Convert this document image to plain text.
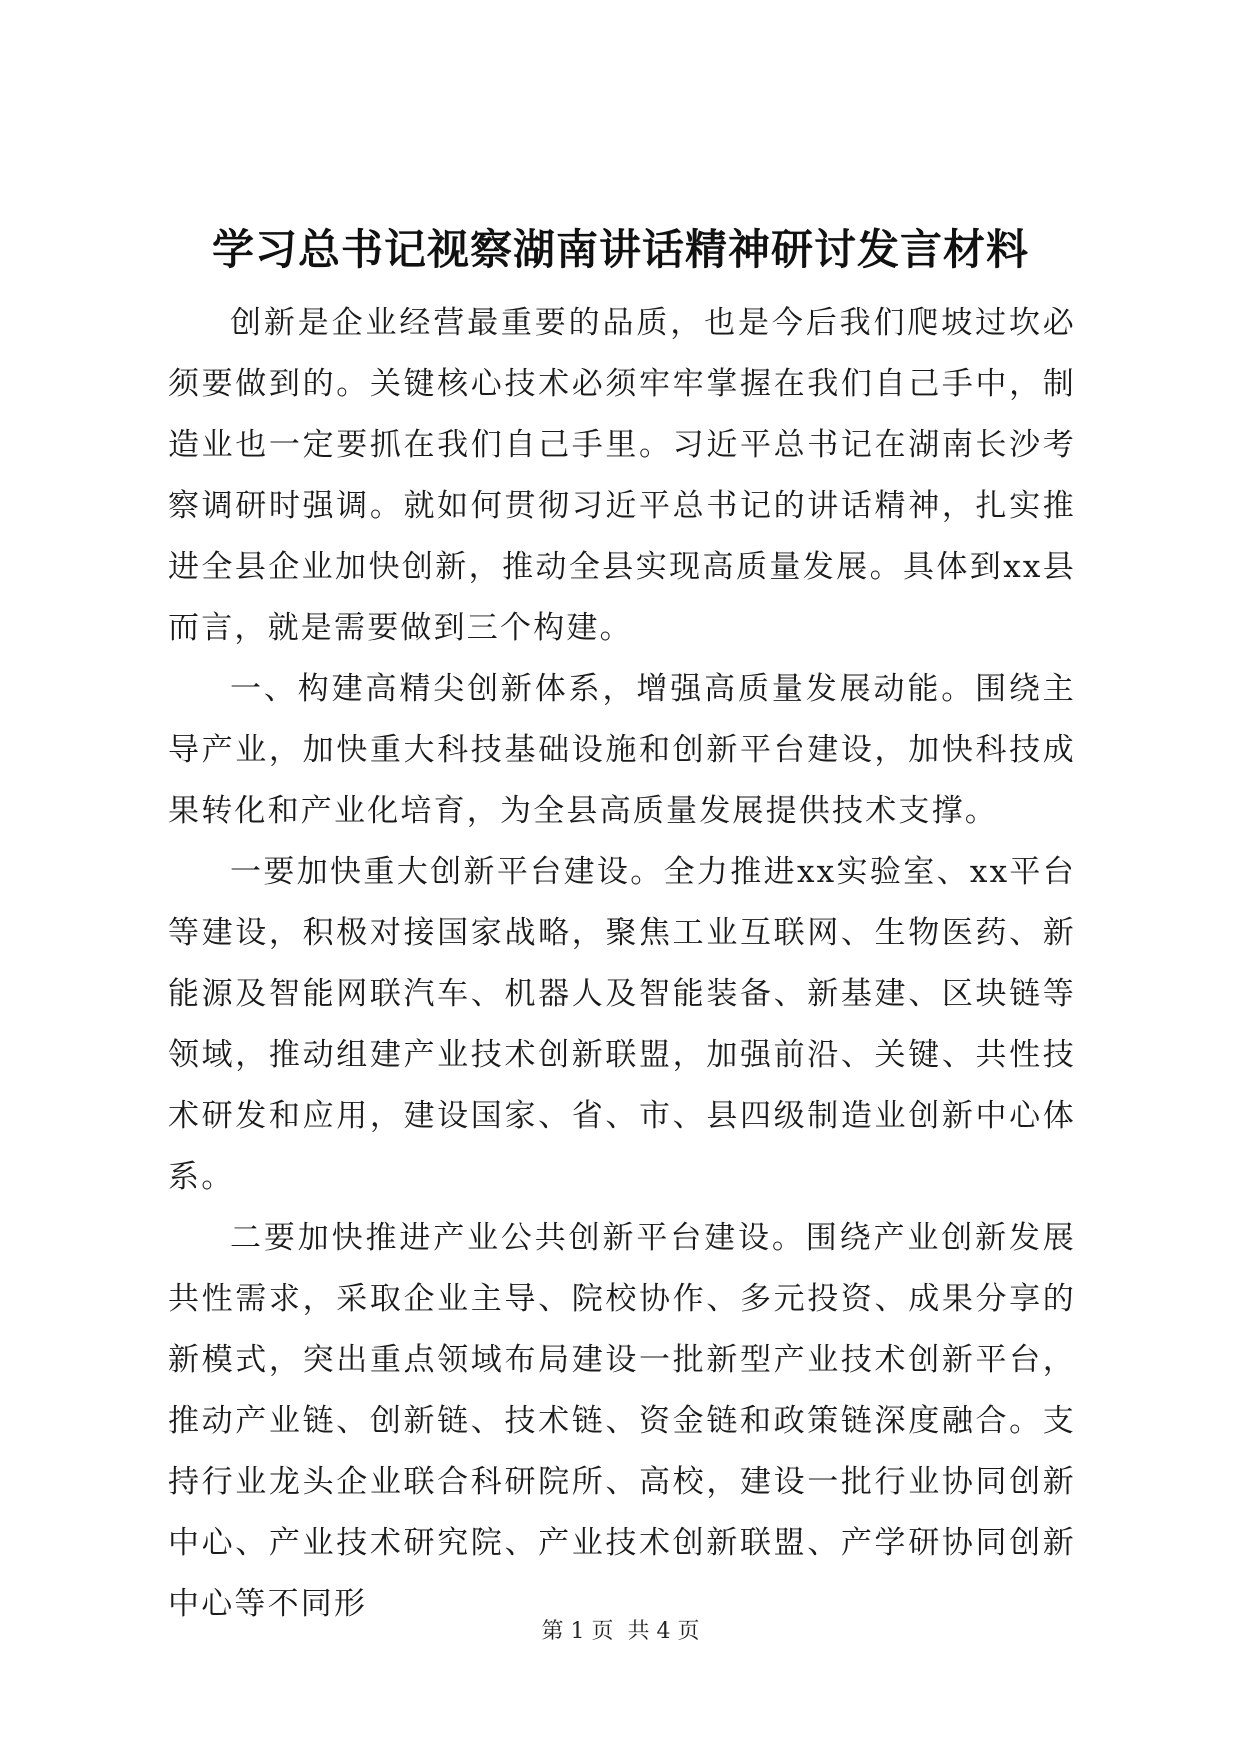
学习总书记视察湖南讲话精神研讨发言材料

创新是企业经营最重要的品质，也是今后我们爬坡过坎必须要做到的。关键核心技术必须牢牢掌握在我们自己手中，制造业也一定要抓在我们自己手里。习近平总书记在湖南长沙考察调研时强调。就如何贯彻习近平总书记的讲话精神，扎实推进全县企业加快创新，推动全县实现高质量发展。具体到xx县而言，就是需要做到三个构建。

一、构建高精尖创新体系，增强高质量发展动能。围绕主导产业，加快重大科技基础设施和创新平台建设，加快科技成果转化和产业化培育，为全县高质量发展提供技术支撑。

一要加快重大创新平台建设。全力推进xx实验室、xx平台等建设，积极对接国家战略，聚焦工业互联网、生物医药、新能源及智能网联汽车、机器人及智能装备、新基建、区块链等领域，推动组建产业技术创新联盟，加强前沿、关键、共性技术研发和应用，建设国家、省、市、县四级制造业创新中心体系。

二要加快推进产业公共创新平台建设。围绕产业创新发展共性需求，采取企业主导、院校协作、多元投资、成果分享的新模式，突出重点领域布局建设一批新型产业技术创新平台，推动产业链、创新链、技术链、资金链和政策链深度融合。支持行业龙头企业联合科研院所、高校，建设一批行业协同创新中心、产业技术研究院、产业技术创新联盟、产学研协同创新中心等不同形

第 1 页 共 4 页
